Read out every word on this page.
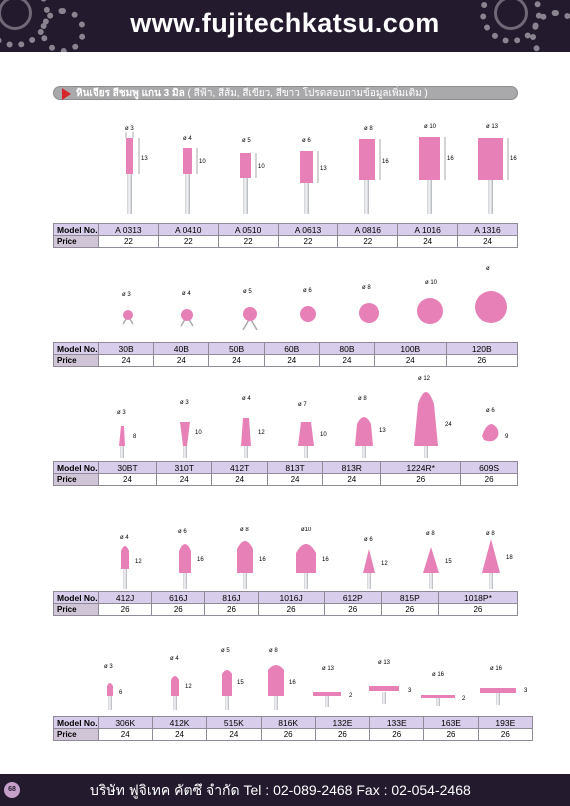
www.fujitechkatsu.com
หินเจียร สีชมพู แกน 3 มิล ( สีฟ้า, สีส้ม, สีเขียว, สีขาว โปรดสอบถามข้อมูลเพิ่มเติม )
ø 3
13
ø 4
10
ø 5
10
ø 6
13
ø 8
16
ø 10
16
ø 13
16
Model No.	A 0313	A 0410	A 0510	A 0613	A 0816	A 1016	A 1316
Price	22	22	22	22	22	24	24
ø 3	ø 4	ø 5	ø 6	ø 8
ø 10
ø
Model No.	30B	40B	50B	60B	80B	100B	120B
Price	24	24	24	24	24	24	26
ø 3
8
ø 3
10
ø 4
12
ø 7
10
ø 8
13
ø 12
24
ø 6
9
Model No.	30BT	310T	412T	813T	813R	1224R*	609S
Price	24	24	24	24	24	26	26
ø 4
12
ø 6
16
ø 8
16
ø10
16
ø 6
12
ø 8
15
ø 8
18
Model No.	412J	616J	816J	1016J	612P	815P	1018P*
Price	26	26	26	26	26	26	26
ø 3
6
ø 4
12
ø 5
15
ø 8
16
ø 13
2
ø 13
3
ø 16
2
ø 16
3
Model No.	306K	412K	515K	816K	132E	133E	163E	193E
Price	24	24	24	26	26	26	26	26
68	บริษัท ฟูจิเทค คัตซึ จำกัด Tel : 02-089-2468 Fax : 02-054-2468
